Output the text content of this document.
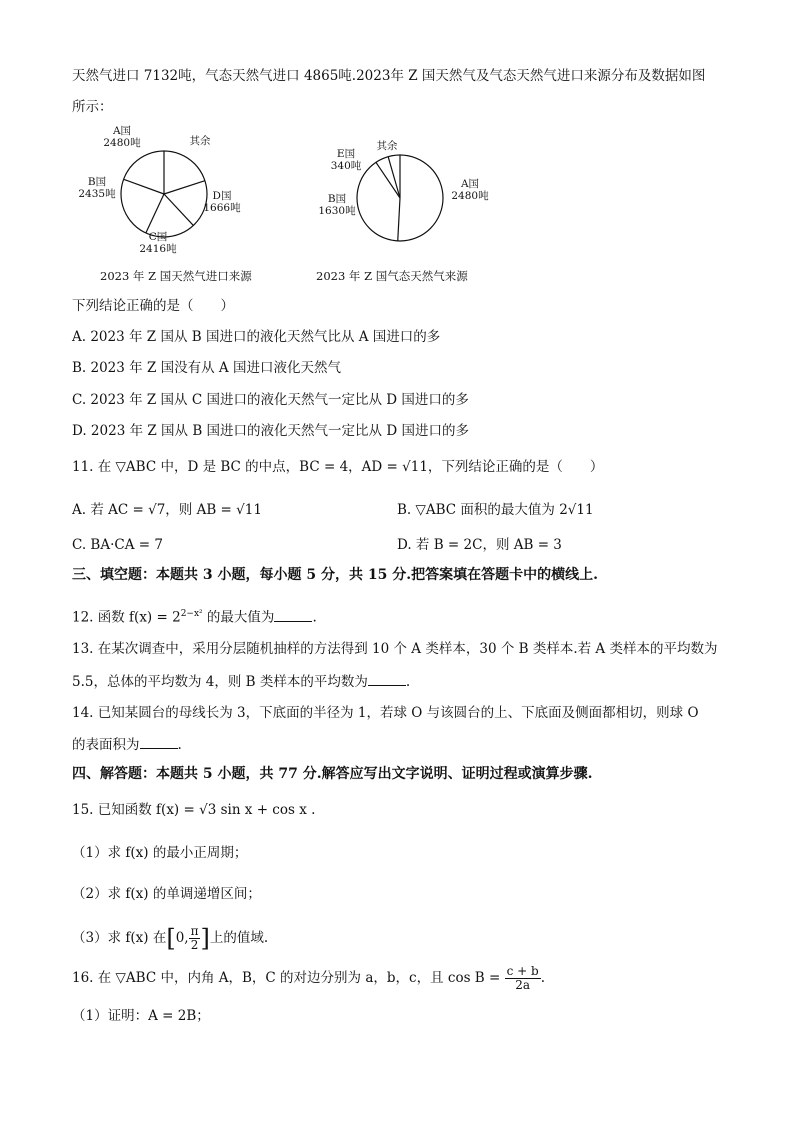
天然气进口 7132吨，气态天然气进口 4865吨.2023年 Z 国天然气及气态天然气进口来源分布及数据如图
所示：
A国
2480吨	其余
D国
1666吨
C国
2416吨
B国
2435吨
2023 年 Z 国天然气进口来源
其余
A国
2480吨
B国
1630吨
E国
340吨
2023 年 Z 国气态天然气来源
下列结论正确的是（　　）
A. 2023 年 Z 国从 B 国进口的液化天然气比从 A 国进口的多
B. 2023 年 Z 国没有从 A 国进口液化天然气
C. 2023 年 Z 国从 C 国进口的液化天然气一定比从 D 国进口的多
D. 2023 年 Z 国从 B 国进口的液化天然气一定比从 D 国进口的多
11. 在 ▽ABC 中，D 是 BC 的中点，BC = 4，AD = √11，下列结论正确的是（　　）
A. 若 AC = √7，则 AB = √11	B. ▽ABC 面积的最大值为 2√11
C. BA·CA = 7	D. 若 B = 2C，则 AB = 3
三、填空题：本题共 3 小题，每小题 5 分，共 15 分.把答案填在答题卡中的横线上.
12. 函数 $f(x) = 2^{2-x^2}$ 的最大值为	.
13. 在某次调查中，采用分层随机抽样的方法得到 10 个 A 类样本，30 个 B 类样本.若 A 类样本的平均数为
5.5，总体的平均数为 4，则 B 类样本的平均数为	.
14. 已知某圆台的母线长为 3，下底面的半径为 1，若球 O 与该圆台的上、下底面及侧面都相切，则球 O
的表面积为	.
四、解答题：本题共 5 小题，共 77 分.解答应写出文字说明、证明过程或演算步骤.
15. 已知函数 f(x) = √3 sin x + cos x .
（1）求 f(x) 的最小正周期；
（2）求 f(x) 的单调递增区间；
（3）求 f(x) 在[0, $\frac{\pi}{2}$ ]上的值域.
16. 在 ▽ABC 中，内角 A，B，C 的对边分别为 a，b，c，且 $\cos B = \frac{c + b}{2a}$ .
（1）证明：A = 2B；
